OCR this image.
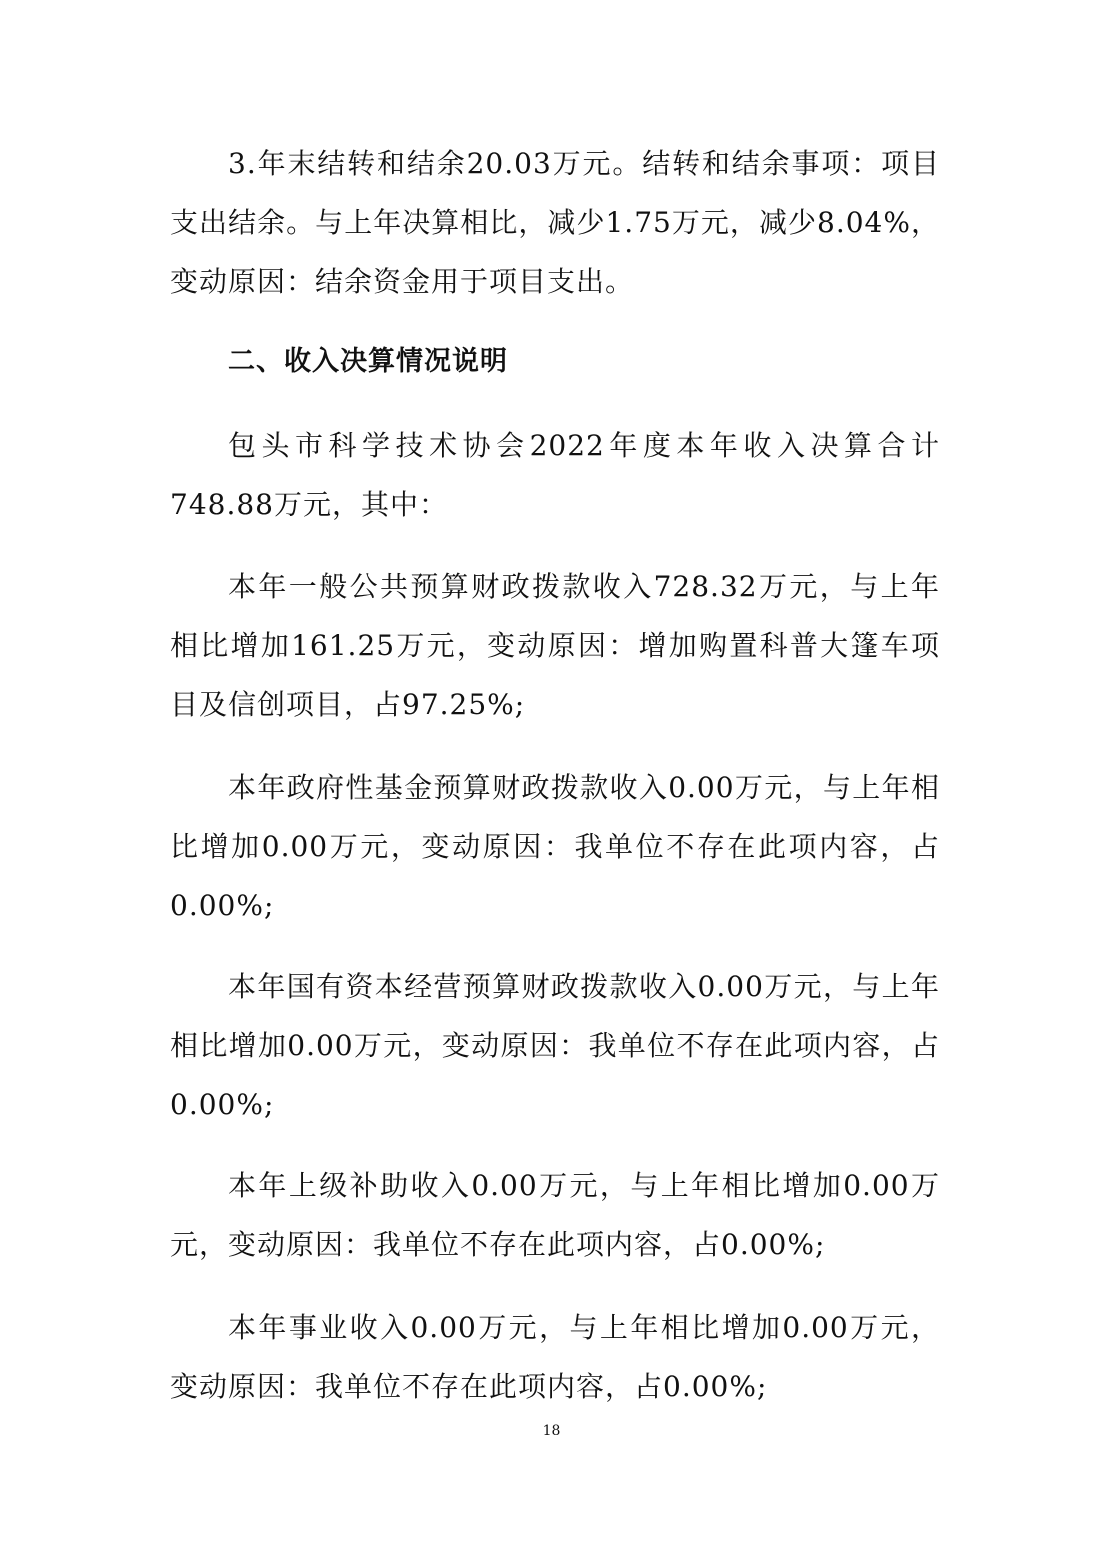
3.年末结转和结余20.03万元。结转和结余事项：项目支出结余。与上年决算相比，减少1.75万元，减少8.04%，变动原因：结余资金用于项目支出。

二、收入决算情况说明

包头市科学技术协会2022年度本年收入决算合计748.88万元，其中：

本年一般公共预算财政拨款收入728.32万元，与上年相比增加161.25万元，变动原因：增加购置科普大篷车项目及信创项目，占97.25%;

本年政府性基金预算财政拨款收入0.00万元，与上年相比增加0.00万元，变动原因：我单位不存在此项内容，占0.00%;

本年国有资本经营预算财政拨款收入0.00万元，与上年相比增加0.00万元，变动原因：我单位不存在此项内容，占0.00%;

本年上级补助收入0.00万元，与上年相比增加0.00万元，变动原因：我单位不存在此项内容，占0.00%;

本年事业收入0.00万元，与上年相比增加0.00万元，变动原因：我单位不存在此项内容，占0.00%;

18
